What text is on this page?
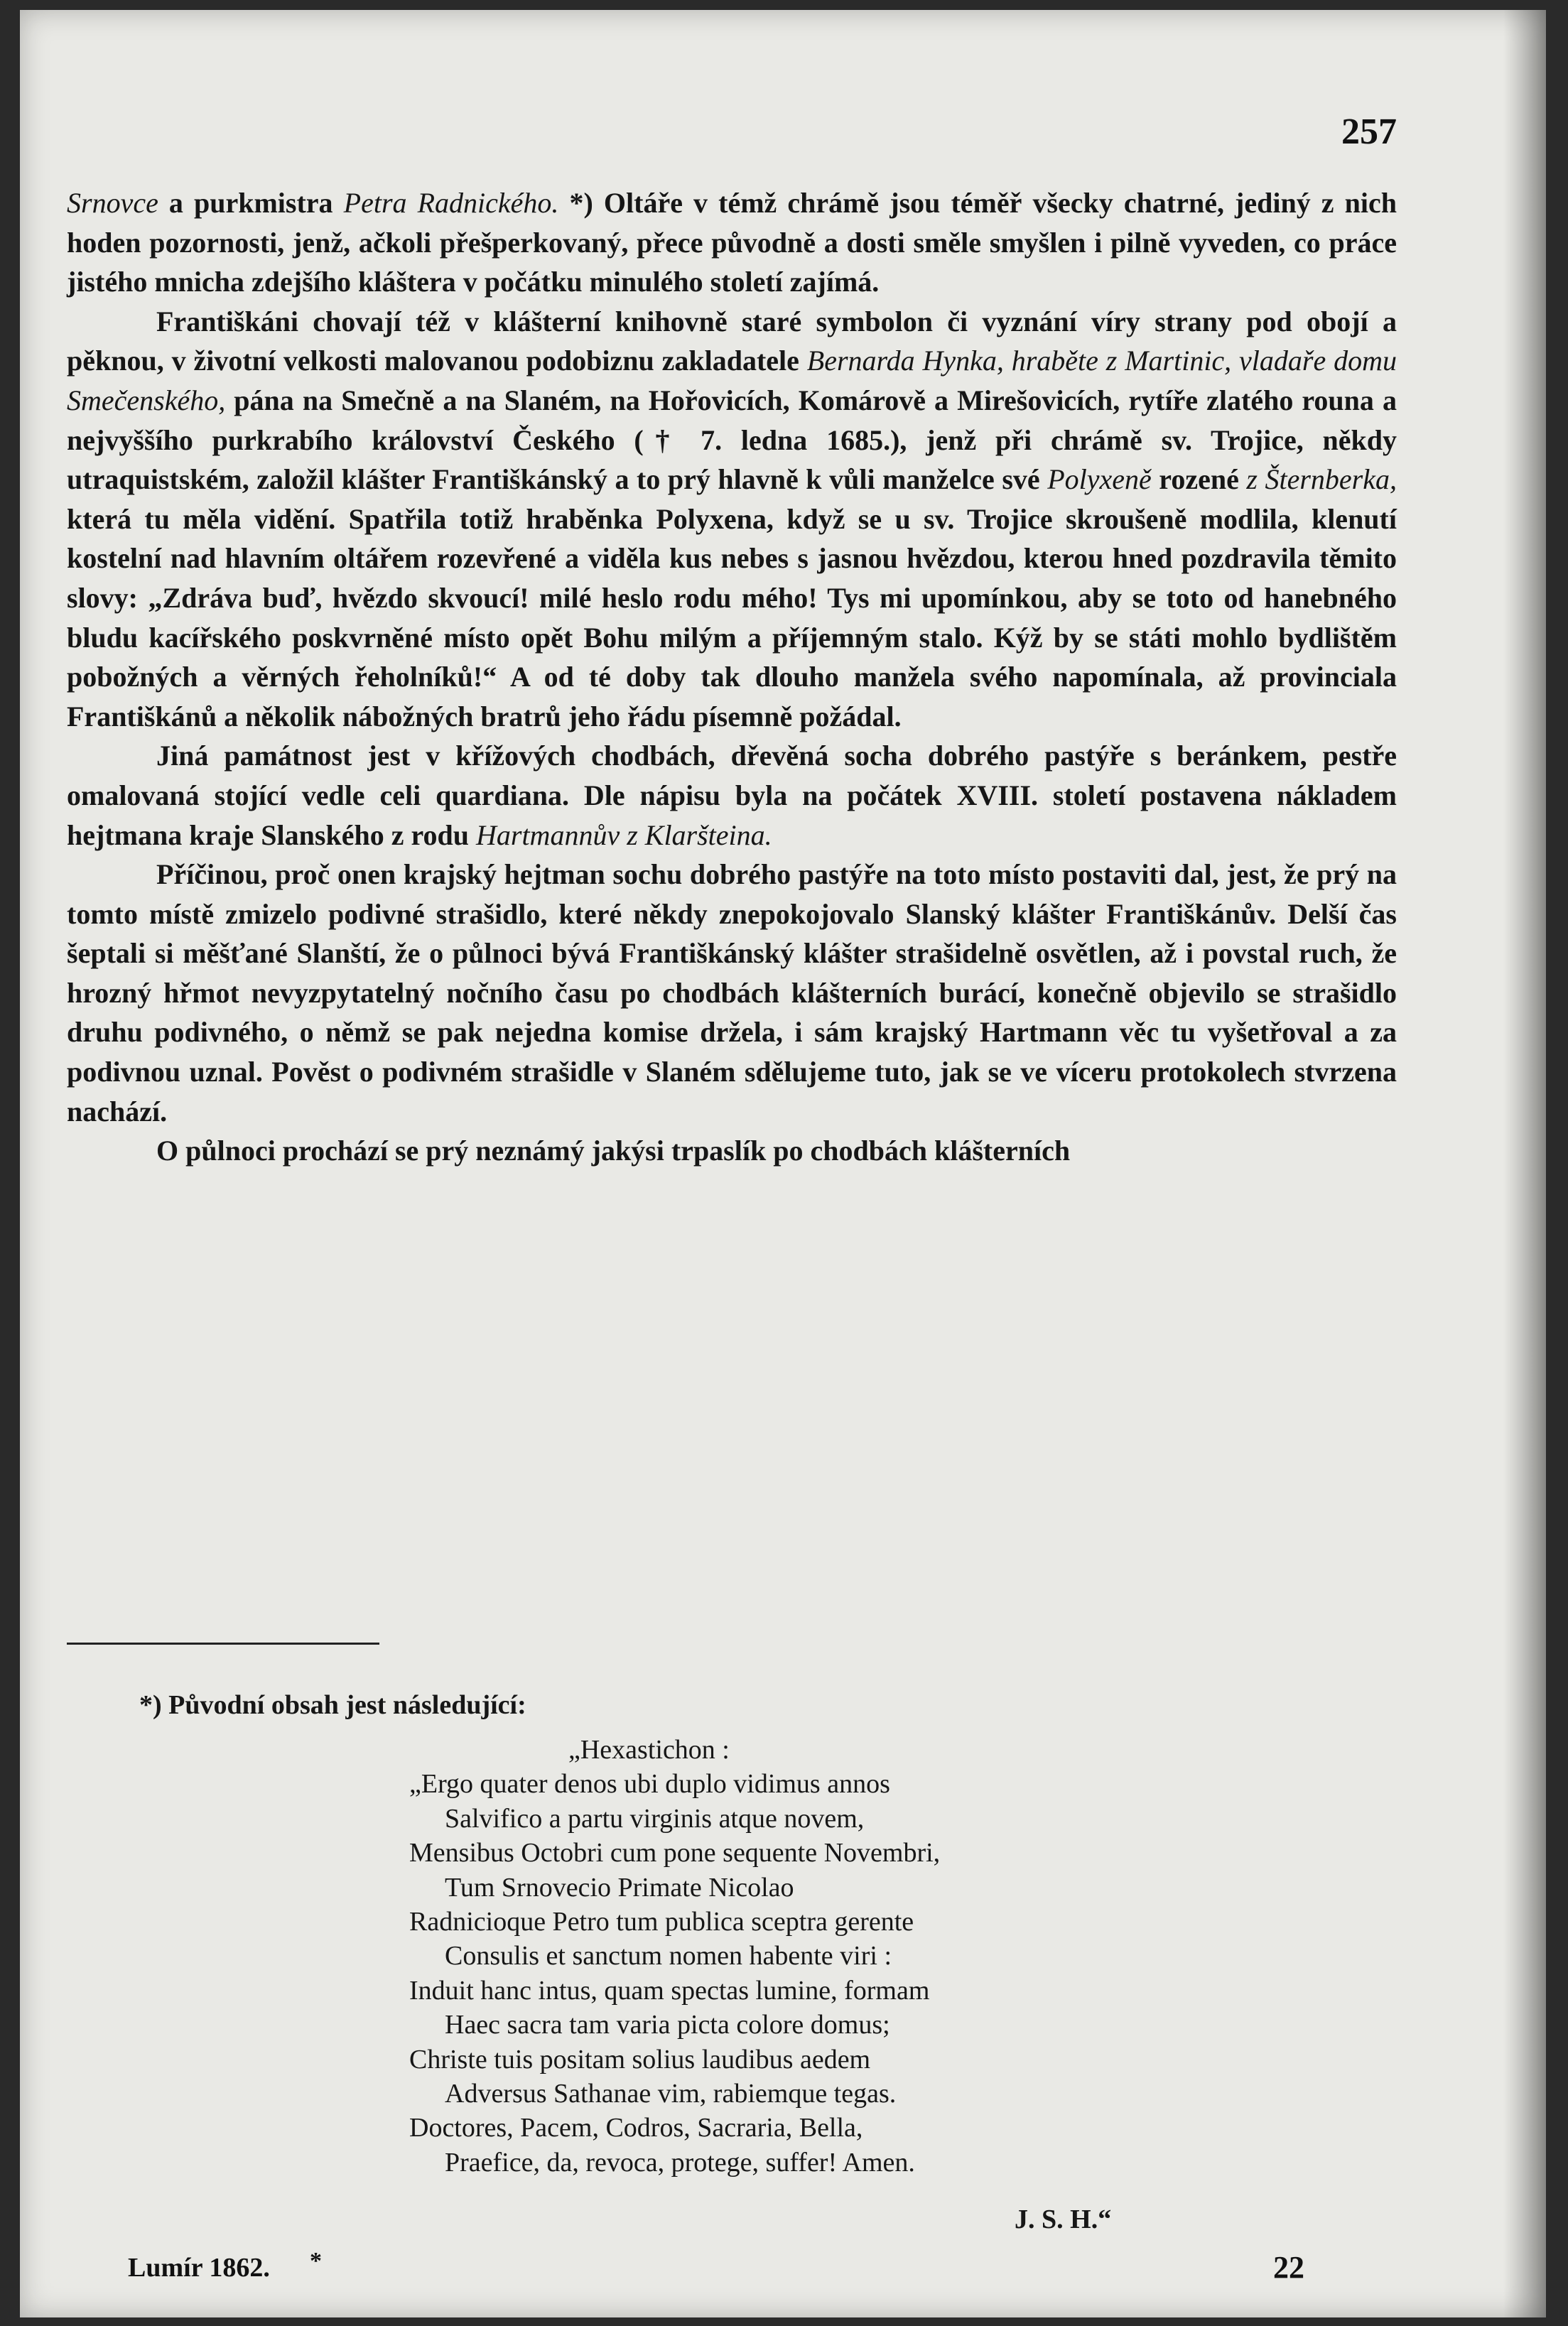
257

Srnovce a purkmistra Petra Radnického. *) Oltáře v témž chrámě jsou téměř všecky chatrné, jediný z nich hoden pozornosti, jenž, ačkoli přešperkovaný, přece původně a dosti směle smyšlen i pilně vyveden, co práce jistého mnicha zdejšího kláštera v počátku minulého století zajímá.

Františkáni chovají též v klášterní knihovně staré symbolon či vyznání víry strany pod obojí a pěknou, v životní velkosti malovanou podobiznu zakladatele Bernarda Hynka, hraběte z Martinic, vladaře domu Smečenského, pána na Smečně a na Slaném, na Hořovicích, Komárově a Mirešovicích, rytíře zlatého rouna a nejvyššího purkrabího království Českého († 7. ledna 1685.), jenž při chrámě sv. Trojice, někdy utraquistském, založil klášter Františkánský a to prý hlavně k vůli manželce své Polyxeně rozené z Šternberka, která tu měla vidění. Spatřila totiž hraběnka Polyxena, když se u sv. Trojice skroušeně modlila, klenutí kostelní nad hlavním oltářem rozevřené a viděla kus nebes s jasnou hvězdou, kterou hned pozdravila těmito slovy: „Zdráva buď, hvězdo skvoucí! milé heslo rodu mého! Tys mi upomínkou, aby se toto od hanebného bludu kacířského poskvrněné místo opět Bohu milým a příjemným stalo. Kýž by se státi mohlo bydlištěm pobožných a věrných řeholníků!“ A od té doby tak dlouho manžela svého napomínala, až provinciala Františkánů a několik nábožných bratrů jeho řádu písemně požádal.

Jiná památnost jest v křížových chodbách, dřevěná socha dobrého pastýře s beránkem, pestře omalovaná stojící vedle celi quardiana. Dle nápisu byla na počátek XVIII. století postavena nákladem hejtmana kraje Slanského z rodu Hartmannův z Klaršteina.

Příčinou, proč onen krajský hejtman sochu dobrého pastýře na toto místo postaviti dal, jest, že prý na tomto místě zmizelo podivné strašidlo, které někdy znepokojovalo Slanský klášter Františkánův. Delší čas šeptali si měšťané Slanští, že o půlnoci bývá Františkánský klášter strašidelně osvětlen, až i povstal ruch, že hrozný hřmot nevyzpytatelný nočního času po chodbách klášterních burácí, konečně objevilo se strašidlo druhu podivného, o němž se pak nejedna komise držela, i sám krajský Hartmann věc tu vyšetřoval a za podivnou uznal. Pověst o podivném strašidle v Slaném sdělujeme tuto, jak se ve víceru protokolech stvrzena nachází.

O půlnoci prochází se prý neznámý jakýsi trpaslík po chodbách klášterních

*) Původní obsah jest následující:
„Hexastichon :
„Ergo quater denos ubi duplo vidimus annos
Salvifico a partu virginis atque novem,
Mensibus Octobri cum pone sequente Novembri,
Tum Srnovecio Primate Nicolao
Radnicioque Petro tum publica sceptra gerente
Consulis et sanctum nomen habente viri :
Induit hanc intus, quam spectas lumine, formam
Haec sacra tam varia picta colore domus;
Christe tuis positam solius laudibus aedem
Adversus Sathanae vim, rabiemque tegas.
Doctores, Pacem, Codros, Sacraria, Bella,
Praefice, da, revoca, protege, suffer! Amen.
J. S. H.“
Lumír 1862. *	22
